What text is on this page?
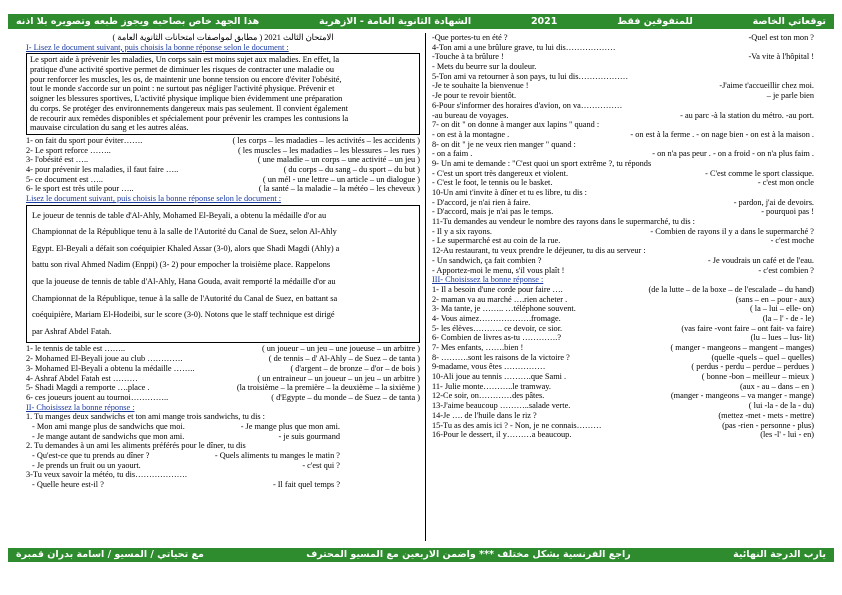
توقعاتي الخاصة
للمتفوقين فقط
2021
الشهادة الثانوية العامة - الازهرية
هذا الجهد خاص بصاحبه ويجوز طبعه وتصويره بلا اذنه
الامتحان الثالث 2021 ( مطابق لمواصفات امتحانات الثانوية العامة )
I- Lisez le document suivant, puis choisis la bonne réponse selon le document :
Le sport aide à prévenir les maladies, Un corps sain est moins sujet aux maladies. En effet, la
pratique d'une activité sportive permet de diminuer les risques de contracter une maladie ou
pour renforcer les muscles, les os, de maintenir une bonne tension ou encore d'éviter l'obésité,
tout le monde s'accorde sur un point : ne surtout pas négliger l'activité physique. Prévenir et
soigner les blessures sportives, L'activité physique implique bien évidemment une préparation
du corps. Se protéger des environnements dangereux mais pas seulement. Il convient également
de recourir aux remèdes disponibles et spécialement pour prévenir les crampes les contusions la
mauvaise circulation du sang et les autres aléas.
1- on fait du sport pour éviter…….	( les corps – les madadies – les activités – les accidents )
2- Le sport reforce ……..	( les muscles – les madadies – les blessures – les rues )
3- l'obésité est …..	( une maladie – un corps – une activité – un jeu )
4- pour prévenir les maladies, il faut faire …..	( du corps – du sang – du sport – du but )
5- ce document est …..	( un mél - une lettre – un article – un dialogue )
6- le sport est très utile pour …..	( la santé – la maladie – la météo – les cheveux )
Lisez le document suivant, puis choisis la bonne réponse selon le document :
Le joueur de tennis de table d'Al-Ahly, Mohamed El-Beyali, a obtenu la médaille d'or au
Championnat de la République tenu à la salle de l'Autorité du Canal de Suez, selon Al-Ahly
Egypt. El-Beyali a défait son coéquipier Khaled Assar (3-0), alors que Shadi Magdi (Ahly) a
battu son rival Ahmed Nadim (Enppi) (3- 2) pour empocher la troisième place. Rappelons
que la joueuse de tennis de table d'Al-Ahly, Hana Gouda, avait remporté la médaille d'or au
Championnat de la République, tenue à la salle de l'Autorité du Canal de Suez, en battant sa
coéquipière, Mariam El-Hodeibi, sur le score (3-0). Notons que le staff technique est dirigé
par Ashraf Abdel Fatah.
1- le tennis de table est ……..	( un joueur – un jeu – une joueuse – un arbitre )
2- Mohamed El-Beyali joue au club ………….	( de tennis – d' Al-Ahly – de Suez – de tanta )
3- Mohamed El-Beyali a obtenu la médaille ……..	( d'argent – de bronze – d'or – de bois )
4- Ashraf Abdel Fatah est ………	( un entraineur – un joueur – un jeu – un arbitre )
5- Shadi Magdi a remporte ….place .	(la troisième – la première – la deuxième – la sixième )
6- ces joueurs jouent au tournoi…………..	( d'Egypte – du monde – de Suez – de tanta )
II- Choisissez la bonne réponse :
1. Tu manges deux sandwichs et ton ami mange trois sandwichs, tu dis :
- Mon ami mange plus de sandwichs que moi.	- Je mange plus que mon ami.
- Je mange autant de sandwichs que mon ami.	- je suis gourmand
2. Tu demandes à un ami les aliments préférés pour le dîner, tu dis
- Qu'est-ce que tu prends au dîner ?	- Quels aliments tu manges le matin ?
- Je prends un fruit ou un yaourt.	- c'est qui ?
3-Tu veux savoir la météo, tu dis……………….
- Quelle heure est-il ?	- Il fait quel temps ?
-Que portes-tu en été ?	-Quel est ton mon ?
4-Ton ami a une brûlure grave, tu lui dis………………
-Touche à ta brûlure !	-Va vite à l'hôpital !
- Mets du beurre sur la douleur.
5-Ton ami va retourner à son pays, tu lui dis………………
-Je te souhaite la bienvenue !	-J'aime t'accueillir chez moi.
-Je pour te revoir bientôt.	– je parle bien
6-Pour s'informer des horaires d'avion, on va……………
-au bureau de voyages.	- au parc -à la station du métro. -au port.
7- on dit " on donne à manger aux lapins " quand :
- on est à la montagne .	- on est à la ferme . - on nage bien - on est à la maison .
8- on dit " je ne veux rien manger " quand :
- on a faim .	- on n'a pas peur . - on a froid - on n'a plus faim .
9- Un ami te demande : "C'est quoi un sport extrême ?, tu réponds
- C'est un sport très dangereux et violent.	- C'est comme le sport classique.
- C'est le foot, le tennis ou le basket.	- c'est mon oncle
10-Un ami t'invite à dîner et tu es libre, tu dis :
- D'accord, je n'ai rien à faire.	- pardon, j'ai de devoirs.
- D'accord, mais je n'ai pas le temps.	- pourquoi pas !
11-Tu demandes au vendeur le nombre des rayons dans le supermarché, tu dis :
- Il y a six rayons.	- Combien de rayons il y a dans le supermarché ?
- Le supermarché est au coin de la rue.	- c'est moche
12-Au restaurant, tu veux prendre le déjeuner, tu dis au serveur :
- Un sandwich, ça fait combien ?	- Je voudrais un café et de l'eau.
- Apportez-moi le menu, s'il vous plaît !	- c'est combien ?
III- Choisissez la bonne réponse :
1- Il a besoin d'une corde pour faire ….	(de la lutte – de la boxe – de l'escalade – du hand)
2- maman va au marché ….rien acheter .	(sans – en – pour - aux)
3- Ma tante, je …….. …téléphone souvent.	( la – lui – elle- on)
4- Vous aimez……………….fromage.	(la – l' - de - le)
5- les élèves……….. ce devoir, ce sior.	(vas faire -vont faire – ont fait- va faire)
6- Combien de livres as-tu ………….?	(lu – lues – lus- lit)
7- Mes enfants, …….bien !	( manger - mangeons – mangent – manges)
8- ……….sont les raisons de la victoire ?	(quelle -quels – quel – quelles)
9-madame, vous êtes ……………	( perdus - perdu – perdue – perdues )
10-Ali joue au tennis ……….que Sami .	( bonne -bon – meilleur – mieux )
11- Julie monte………..le tramway.	(aux - au – dans – en )
12-Ce soir, on…………des pâtes.	(manger - mangeons – va manger - mange)
13-J'aime beaucoup ………..salade verte.	( lui -la - de la - du)
14-Je …. de l'huile dans le riz ?	(mettez -met - mets - mettre)
15-Tu as des amis ici ? - Non, je ne connais………	(pas -rien - personne - plus)
16-Pour le dessert, il y………a beaucoup.	(les -l' - lui - en)
يارب الدرجة النهائية
راجع الفرنسية بشكل مختلف *** واضمن الاربعين مع المسيو المحترف
مع تحياتي / المسيو / اسامة بدران قمبرة
